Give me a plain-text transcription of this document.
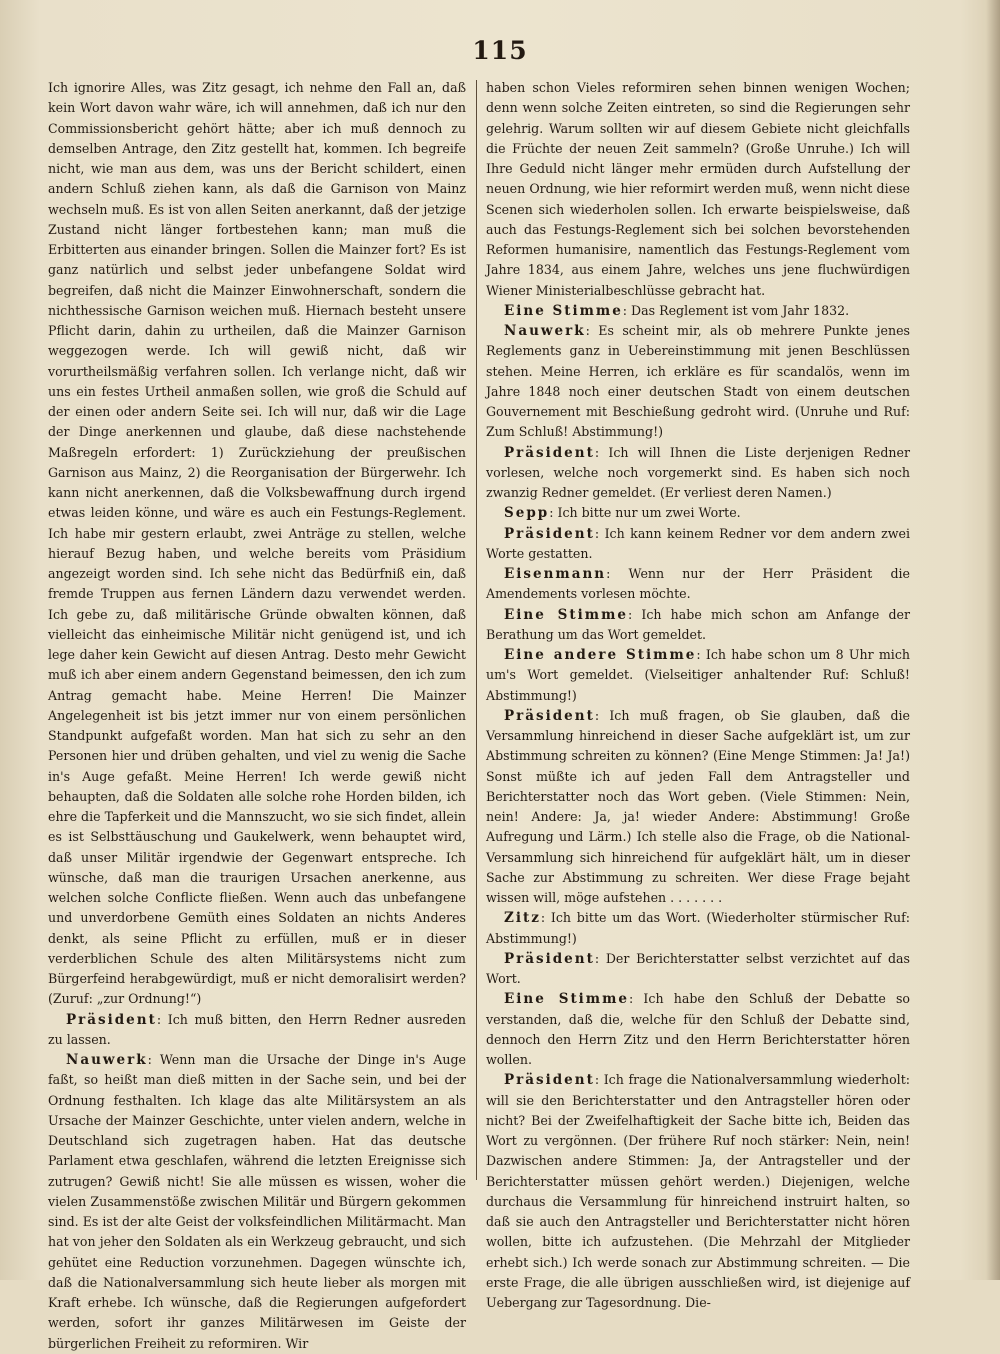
115

Ich ignorire Alles, was Zitz gesagt, ich nehme den Fall an, daß kein Wort davon wahr wäre, ich will annehmen, daß ich nur den Commissionsbericht gehört hätte; aber ich muß dennoch zu demselben Antrage, den Zitz gestellt hat, kommen. Ich begreife nicht, wie man aus dem, was uns der Bericht schildert, einen andern Schluß ziehen kann, als daß die Garnison von Mainz wechseln muß. Es ist von allen Seiten anerkannt, daß der jetzige Zustand nicht länger fortbestehen kann; man muß die Erbitterten aus einander bringen. Sollen die Mainzer fort? Es ist ganz natürlich und selbst jeder unbefangene Soldat wird begreifen, daß nicht die Mainzer Einwohnerschaft, sondern die nichthessische Garnison weichen muß. Hiernach besteht unsere Pflicht darin, dahin zu urtheilen, daß die Mainzer Garnison weggezogen werde. Ich will gewiß nicht, daß wir vorurtheilsmäßig verfahren sollen. Ich verlange nicht, daß wir uns ein festes Urtheil anmaßen sollen, wie groß die Schuld auf der einen oder andern Seite sei. Ich will nur, daß wir die Lage der Dinge anerkennen und glaube, daß diese nachstehende Maßregeln erfordert: 1) Zurückziehung der preußischen Garnison aus Mainz, 2) die Reorganisation der Bürgerwehr. Ich kann nicht anerkennen, daß die Volksbewaffnung durch irgend etwas leiden könne, und wäre es auch ein Festungs-Reglement. Ich habe mir gestern erlaubt, zwei Anträge zu stellen, welche hierauf Bezug haben, und welche bereits vom Präsidium angezeigt worden sind. Ich sehe nicht das Bedürfniß ein, daß fremde Truppen aus fernen Ländern dazu verwendet werden. Ich gebe zu, daß militärische Gründe obwalten können, daß vielleicht das einheimische Militär nicht genügend ist, und ich lege daher kein Gewicht auf diesen Antrag. Desto mehr Gewicht muß ich aber einem andern Gegenstand beimessen, den ich zum Antrag gemacht habe. Meine Herren! Die Mainzer Angelegenheit ist bis jetzt immer nur von einem persönlichen Standpunkt aufgefaßt worden. Man hat sich zu sehr an den Personen hier und drüben gehalten, und viel zu wenig die Sache in's Auge gefaßt. Meine Herren! Ich werde gewiß nicht behaupten, daß die Soldaten alle solche rohe Horden bilden, ich ehre die Tapferkeit und die Mannszucht, wo sie sich findet, allein es ist Selbsttäuschung und Gaukelwerk, wenn behauptet wird, daß unser Militär irgendwie der Gegenwart entspreche. Ich wünsche, daß man die traurigen Ursachen anerkenne, aus welchen solche Conflicte fließen. Wenn auch das unbefangene und unverdorbene Gemüth eines Soldaten an nichts Anderes denkt, als seine Pflicht zu erfüllen, muß er in dieser verderblichen Schule des alten Militärsystems nicht zum Bürgerfeind herabgewürdigt, muß er nicht demoralisirt werden? (Zuruf: „zur Ordnung!“)

Präsident: Ich muß bitten, den Herrn Redner ausreden zu lassen.

Nauwerk: Wenn man die Ursache der Dinge in's Auge faßt, so heißt man dieß mitten in der Sache sein, und bei der Ordnung festhalten. Ich klage das alte Militärsystem an als Ursache der Mainzer Geschichte, unter vielen andern, welche in Deutschland sich zugetragen haben. Hat das deutsche Parlament etwa geschlafen, während die letzten Ereignisse sich zutrugen? Gewiß nicht! Sie alle müssen es wissen, woher die vielen Zusammenstöße zwischen Militär und Bürgern gekommen sind. Es ist der alte Geist der volksfeindlichen Militärmacht. Man hat von jeher den Soldaten als ein Werkzeug gebraucht, und sich gehütet eine Reduction vorzunehmen. Dagegen wünschte ich, daß die Nationalversammlung sich heute lieber als morgen mit Kraft erhebe. Ich wünsche, daß die Regierungen aufgefordert werden, sofort ihr ganzes Militärwesen im Geiste der bürgerlichen Freiheit zu reformiren. Wir

haben schon Vieles reformiren sehen binnen wenigen Wochen; denn wenn solche Zeiten eintreten, so sind die Regierungen sehr gelehrig. Warum sollten wir auf diesem Gebiete nicht gleichfalls die Früchte der neuen Zeit sammeln? (Große Unruhe.) Ich will Ihre Geduld nicht länger mehr ermüden durch Aufstellung der neuen Ordnung, wie hier reformirt werden muß, wenn nicht diese Scenen sich wiederholen sollen. Ich erwarte beispielsweise, daß auch das Festungs-Reglement sich bei solchen bevorstehenden Reformen humanisire, namentlich das Festungs-Reglement vom Jahre 1834, aus einem Jahre, welches uns jene fluchwürdigen Wiener Ministerialbeschlüsse gebracht hat.

Eine Stimme: Das Reglement ist vom Jahr 1832.

Nauwerk: Es scheint mir, als ob mehrere Punkte jenes Reglements ganz in Uebereinstimmung mit jenen Beschlüssen stehen. Meine Herren, ich erkläre es für scandalös, wenn im Jahre 1848 noch einer deutschen Stadt von einem deutschen Gouvernement mit Beschießung gedroht wird. (Unruhe und Ruf: Zum Schluß! Abstimmung!)

Präsident: Ich will Ihnen die Liste derjenigen Redner vorlesen, welche noch vorgemerkt sind. Es haben sich noch zwanzig Redner gemeldet. (Er verliest deren Namen.)

Sepp: Ich bitte nur um zwei Worte.

Präsident: Ich kann keinem Redner vor dem andern zwei Worte gestatten.

Eisenmann: Wenn nur der Herr Präsident die Amendements vorlesen möchte.

Eine Stimme: Ich habe mich schon am Anfange der Berathung um das Wort gemeldet.

Eine andere Stimme: Ich habe schon um 8 Uhr mich um's Wort gemeldet. (Vielseitiger anhaltender Ruf: Schluß! Abstimmung!)

Präsident: Ich muß fragen, ob Sie glauben, daß die Versammlung hinreichend in dieser Sache aufgeklärt ist, um zur Abstimmung schreiten zu können? (Eine Menge Stimmen: Ja! Ja!) Sonst müßte ich auf jeden Fall dem Antragsteller und Berichterstatter noch das Wort geben. (Viele Stimmen: Nein, nein! Andere: Ja, ja! wieder Andere: Abstimmung! Große Aufregung und Lärm.) Ich stelle also die Frage, ob die National-Versammlung sich hinreichend für aufgeklärt hält, um in dieser Sache zur Abstimmung zu schreiten. Wer diese Frage bejaht wissen will, möge aufstehen . . . . . . .

Zitz: Ich bitte um das Wort. (Wiederholter stürmischer Ruf: Abstimmung!)

Präsident: Der Berichterstatter selbst verzichtet auf das Wort.

Eine Stimme: Ich habe den Schluß der Debatte so verstanden, daß die, welche für den Schluß der Debatte sind, dennoch den Herrn Zitz und den Herrn Berichterstatter hören wollen.

Präsident: Ich frage die Nationalversammlung wiederholt: will sie den Berichterstatter und den Antragsteller hören oder nicht? Bei der Zweifelhaftigkeit der Sache bitte ich, Beiden das Wort zu vergönnen. (Der frühere Ruf noch stärker: Nein, nein! Dazwischen andere Stimmen: Ja, der Antragsteller und der Berichterstatter müssen gehört werden.) Diejenigen, welche durchaus die Versammlung für hinreichend instruirt halten, so daß sie auch den Antragsteller und Berichterstatter nicht hören wollen, bitte ich aufzustehen. (Die Mehrzahl der Mitglieder erhebt sich.) Ich werde sonach zur Abstimmung schreiten. — Die erste Frage, die alle übrigen ausschließen wird, ist diejenige auf Uebergang zur Tagesordnung. Die-
